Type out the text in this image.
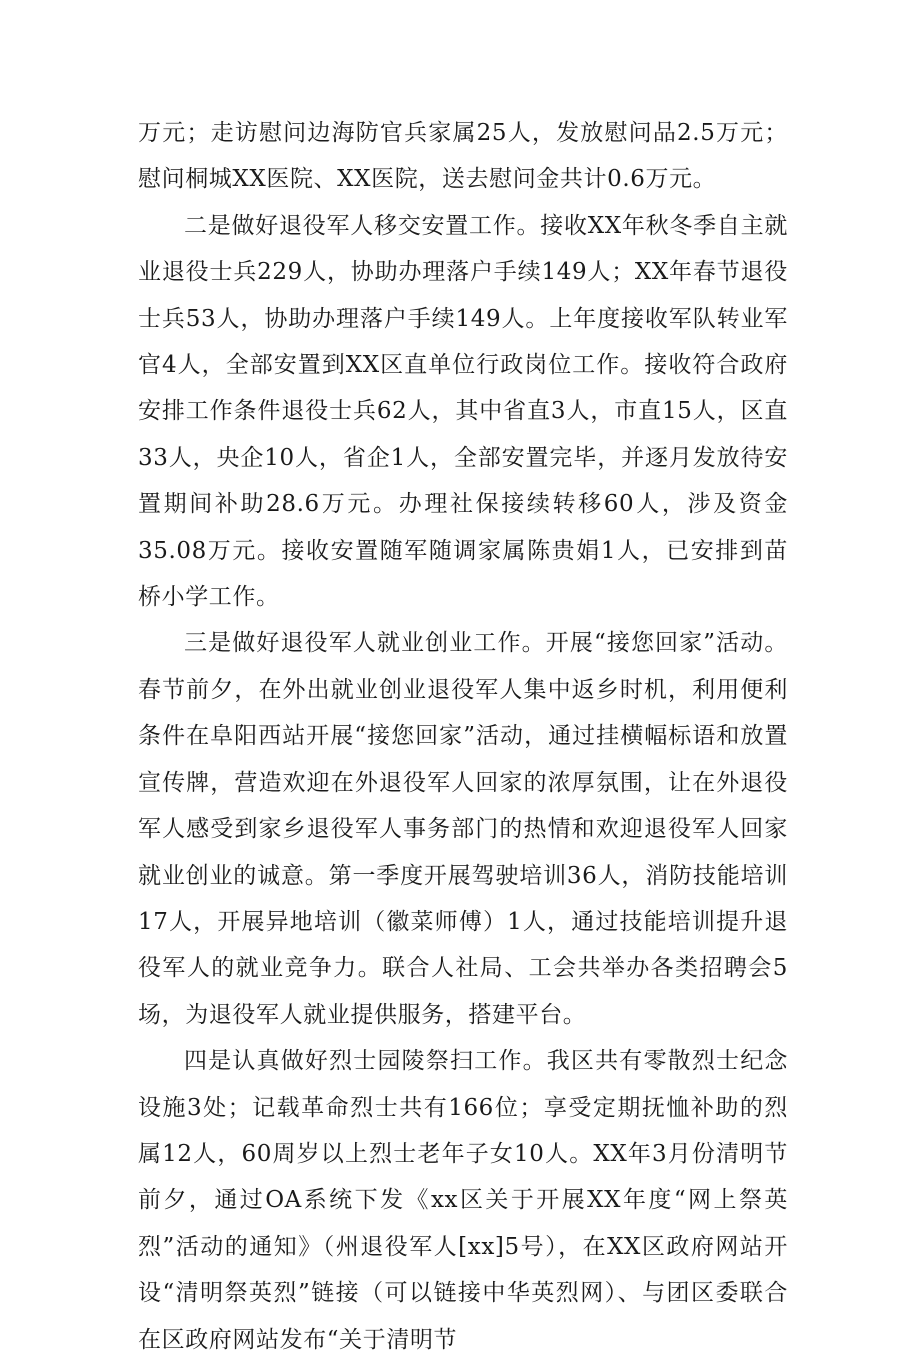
万元；走访慰问边海防官兵家属25人，发放慰问品2.5万元；慰问桐城XX医院、XX医院，送去慰问金共计0.6万元。

二是做好退役军人移交安置工作。接收XX年秋冬季自主就业退役士兵229人，协助办理落户手续149人；XX年春节退役士兵53人，协助办理落户手续149人。上年度接收军队转业军官4人，全部安置到XX区直单位行政岗位工作。接收符合政府安排工作条件退役士兵62人，其中省直3人，市直15人，区直33人，央企10人，省企1人，全部安置完毕，并逐月发放待安置期间补助28.6万元。办理社保接续转移60人，涉及资金35.08万元。接收安置随军随调家属陈贵娟1人，已安排到苗桥小学工作。

三是做好退役军人就业创业工作。开展“接您回家”活动。春节前夕，在外出就业创业退役军人集中返乡时机，利用便利条件在阜阳西站开展“接您回家”活动，通过挂横幅标语和放置宣传牌，营造欢迎在外退役军人回家的浓厚氛围，让在外退役军人感受到家乡退役军人事务部门的热情和欢迎退役军人回家就业创业的诚意。第一季度开展驾驶培训36人，消防技能培训17人，开展异地培训（徽菜师傅）1人，通过技能培训提升退役军人的就业竞争力。联合人社局、工会共举办各类招聘会5场，为退役军人就业提供服务，搭建平台。

四是认真做好烈士园陵祭扫工作。我区共有零散烈士纪念设施3处；记载革命烈士共有166位；享受定期抚恤补助的烈属12人，60周岁以上烈士老年子女10人。XX年3月份清明节前夕，通过OA系统下发《xx区关于开展XX年度“网上祭英烈”活动的通知》（州退役军人[xx]5号），在XX区政府网站开设“清明祭英烈”链接（可以链接中华英烈网）、与团区委联合在区政府网站发布“关于清明节
